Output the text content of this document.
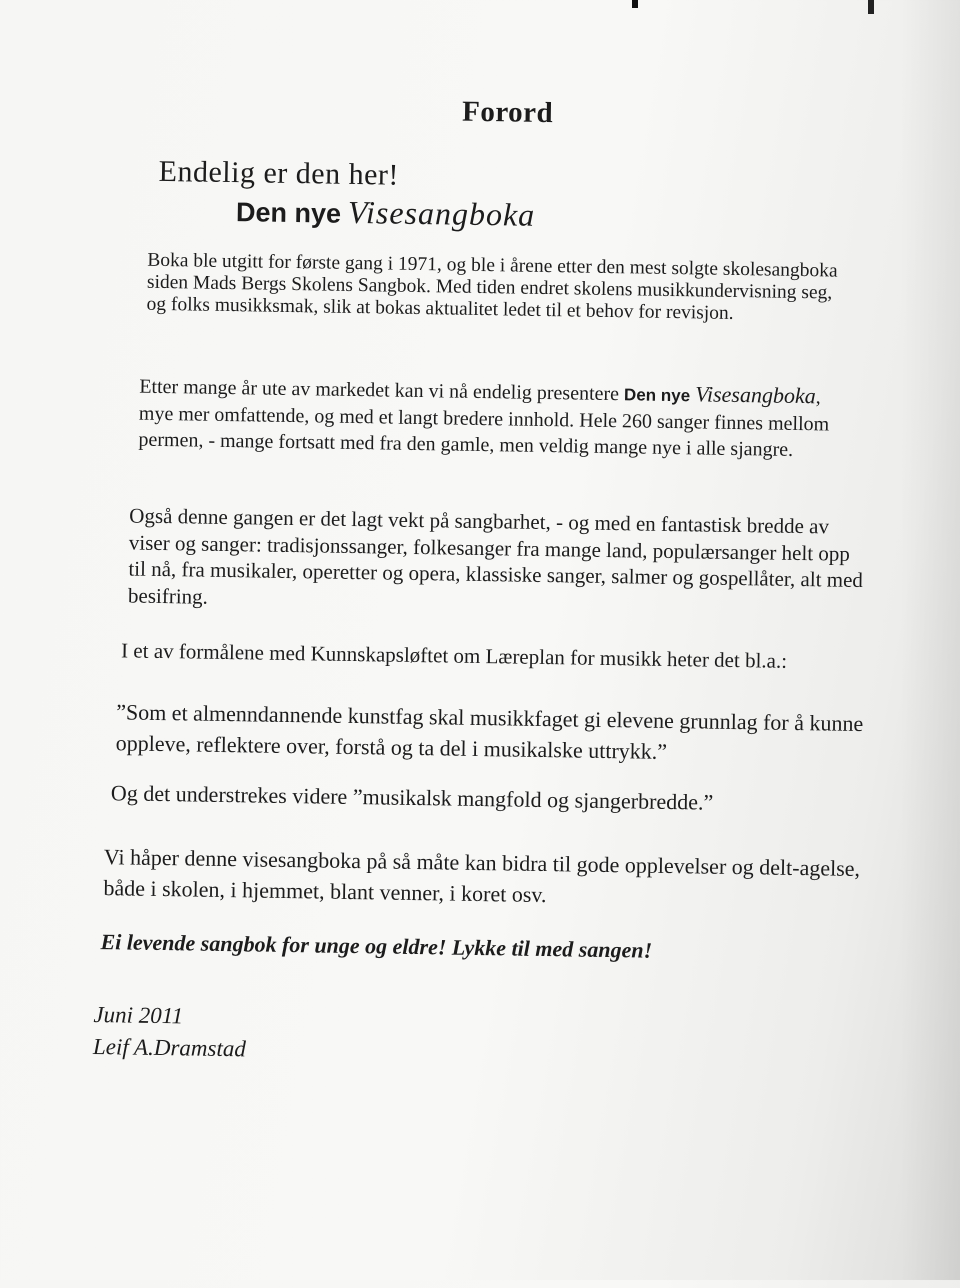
Forord
Endelig er den her!
Den nye Visesangboka

Boka ble utgitt for første gang i 1971, og ble i årene etter den mest solgte skolesangboka siden Mads Bergs Skolens Sangbok. Med tiden endret skolens musikkundervisning seg, og folks musikksmak, slik at bokas aktualitet ledet til et behov for revisjon.

Etter mange år ute av markedet kan vi nå endelig presentere Den nye Visesangboka, mye mer omfattende, og med et langt bredere innhold. Hele 260 sanger finnes mellom permen, - mange fortsatt med fra den gamle, men veldig mange nye i alle sjangre.

Også denne gangen er det lagt vekt på sangbarhet, - og med en fantastisk bredde av viser og sanger: tradisjonssanger, folkesanger fra mange land, populærsanger helt opp til nå, fra musikaler, operetter og opera, klassiske sanger, salmer og gospellåter, alt med besifring.

I et av formålene med Kunnskapsløftet om Læreplan for musikk heter det bl.a.:

”Som et almenndannende kunstfag skal musikkfaget gi elevene grunnlag for å kunne oppleve, reflektere over, forstå og ta del i musikalske uttrykk.”

Og det understrekes videre ”musikalsk mangfold og sjangerbredde.”

Vi håper denne visesangboka på så måte kan bidra til gode opplevelser og delt-agelse, både i skolen, i hjemmet, blant venner, i koret osv.

Ei levende sangbok for unge og eldre! Lykke til med sangen!

Juni 2011
Leif A.Dramstad
